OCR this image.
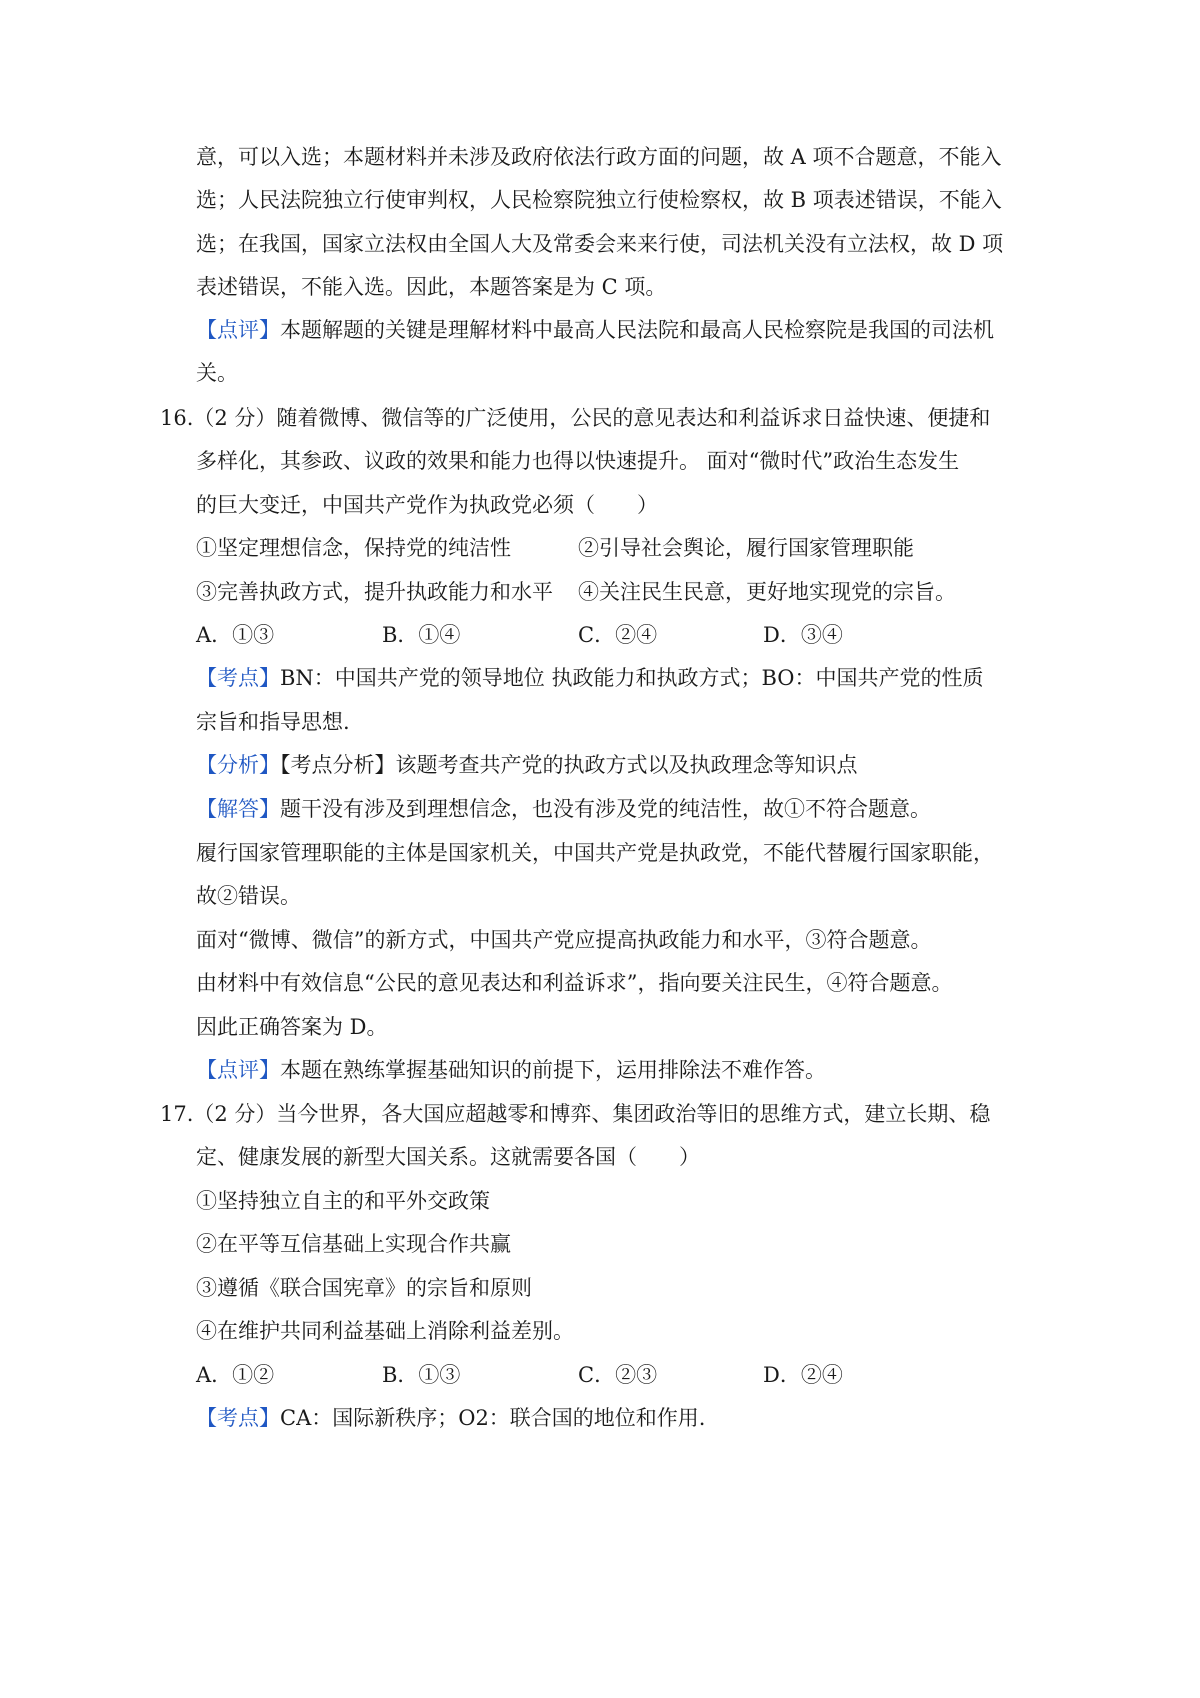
意，可以入选；本题材料并未涉及政府依法行政方面的问题，故 A 项不合题意，不能入
选；人民法院独立行使审判权，人民检察院独立行使检察权，故 B 项表述错误，不能入
选；在我国，国家立法权由全国人大及常委会来来行使，司法机关没有立法权，故 D 项
表述错误，不能入选。因此，本题答案是为 C 项。
【点评】本题解题的关键是理解材料中最高人民法院和最高人民检察院是我国的司法机
关。
16.（2 分）随着微博、微信等的广泛使用，公民的意见表达和利益诉求日益快速、便捷和
多样化，其参政、议政的效果和能力也得以快速提升。 面对“微时代”政治生态发生
的巨大变迁，中国共产党作为执政党必须（　　）
①坚定理想信念，保持党的纯洁性	②引导社会舆论，履行国家管理职能
③完善执政方式，提升执政能力和水平 ④关注民生民意，更好地实现党的宗旨。
A．①③	B．①④	C．②④	D．③④
【考点】BN：中国共产党的领导地位 执政能力和执政方式；BO：中国共产党的性质
宗旨和指导思想.
【分析】【考点分析】该题考查共产党的执政方式以及执政理念等知识点
【解答】题干没有涉及到理想信念，也没有涉及党的纯洁性，故①不符合题意。
履行国家管理职能的主体是国家机关，中国共产党是执政党，不能代替履行国家职能，
故②错误。
面对“微博、微信”的新方式，中国共产党应提高执政能力和水平，③符合题意。
由材料中有效信息“公民的意见表达和利益诉求”，指向要关注民生，④符合题意。
因此正确答案为 D。
【点评】本题在熟练掌握基础知识的前提下，运用排除法不难作答。
17.（2 分）当今世界，各大国应超越零和博弈、集团政治等旧的思维方式，建立长期、稳
定、健康发展的新型大国关系。这就需要各国（　　）
①坚持独立自主的和平外交政策
②在平等互信基础上实现合作共赢
③遵循《联合国宪章》的宗旨和原则
④在维护共同利益基础上消除利益差别。
A．①②	B．①③	C．②③	D．②④
【考点】CA：国际新秩序；O2：联合国的地位和作用.
